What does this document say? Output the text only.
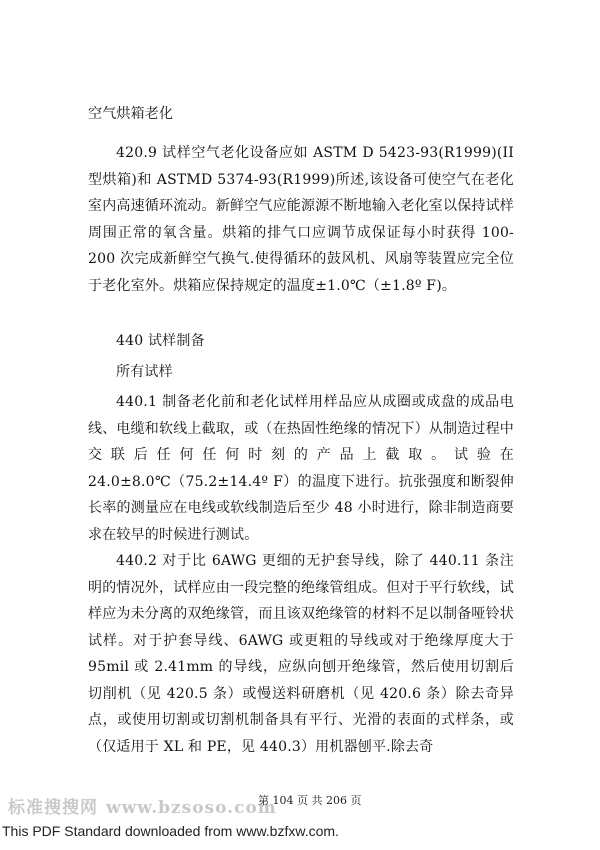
空气烘箱老化

420.9 试样空气老化设备应如 ASTM D 5423-93(R1999)(II 型烘箱)和 ASTMD 5374-93(R1999)所述,该设备可使空气在老化室内高速循环流动。新鲜空气应能源源不断地输入老化室以保持试样周围正常的氧含量。烘箱的排气口应调节成保证每小时获得 100-200 次完成新鲜空气换气.使得循环的鼓风机、风扇等装置应完全位于老化室外。烘箱应保持规定的温度±1.0℃（±1.8º F)。

440 试样制备

所有试样

440.1 制备老化前和老化试样用样品应从成圈或成盘的成品电线、电缆和软线上截取，或（在热固性绝缘的情况下）从制造过程中交联后任何任何时刻的产品上截取。试验在 24.0±8.0℃（75.2±14.4º F）的温度下进行。抗张强度和断裂伸长率的测量应在电线或软线制造后至少 48 小时进行，除非制造商要求在较早的时候进行测试。

440.2 对于比 6AWG 更细的无护套导线，除了 440.11 条注明的情况外，试样应由一段完整的绝缘管组成。但对于平行软线，试样应为未分离的双绝缘管，而且该双绝缘管的材料不足以制备哑铃状试样。对于护套导线、6AWG 或更粗的导线或对于绝缘厚度大于 95mil 或 2.41mm 的导线，应纵向刨开绝缘管，然后使用切割后切削机（见 420.5 条）或慢送料研磨机（见 420.6 条）除去奇异点，或使用切割或切割机制备具有平行、光滑的表面的式样条，或（仅适用于 XL 和 PE，见 440.3）用机器刨平.除去奇

标准搜搜网 www.bzsoso.com
第 104 页 共 206 页
This PDF Standard downloaded from www.bzfxw.com.
